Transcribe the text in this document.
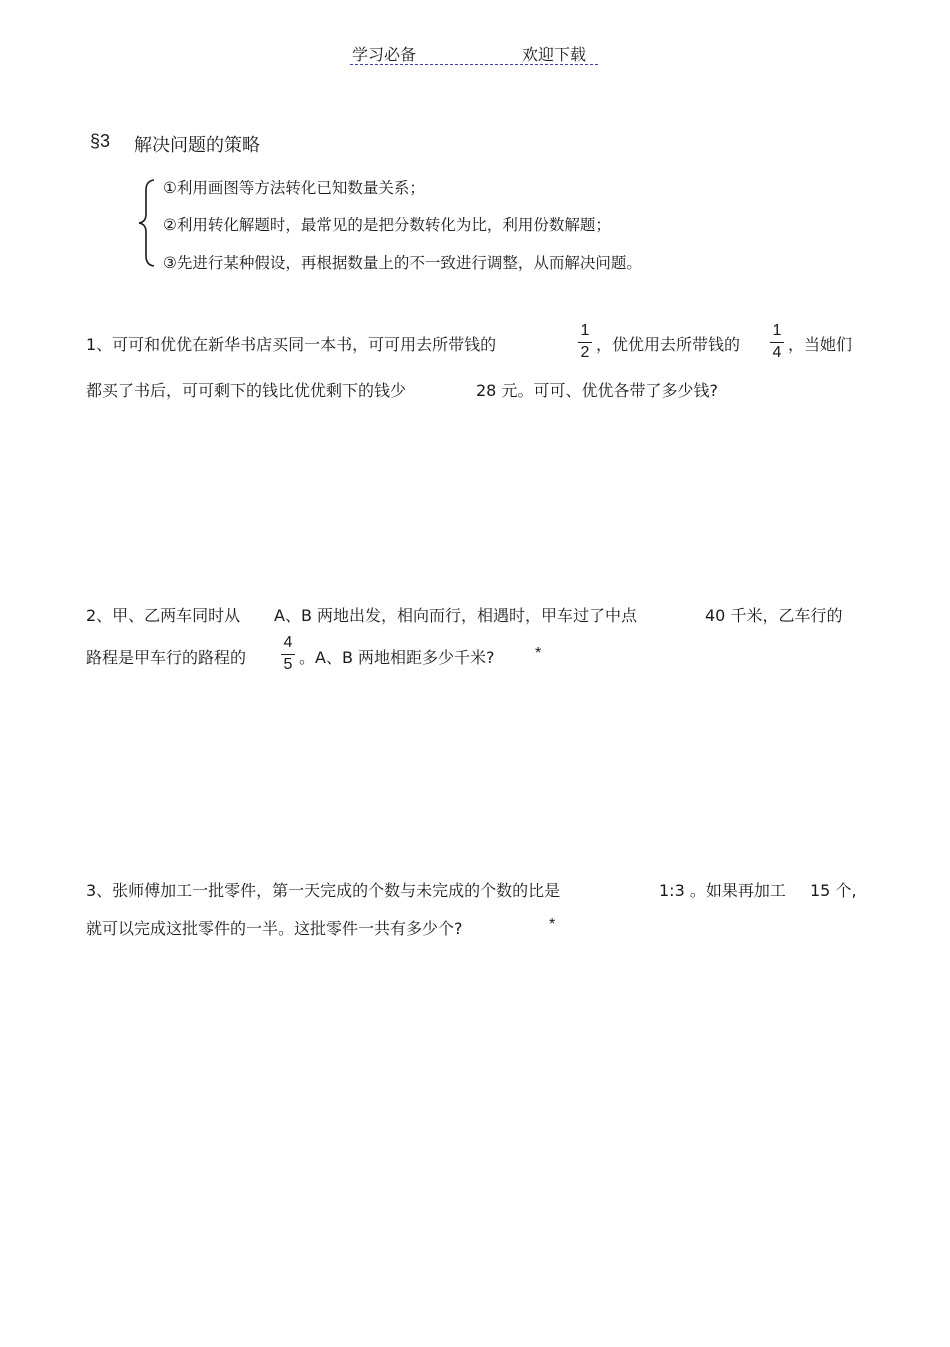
学习必备	欢迎下载
§3 解决问题的策略
①利用画图等方法转化已知数量关系；
②利用转化解题时，最常见的是把分数转化为比，利用份数解题；
③先进行某种假设，再根据数量上的不一致进行调整，从而解决问题。
1、可可和优优在新华书店买同一本书，可可用去所带钱的
1
2 ，优优用去所带钱的
1
4 ，当她们
都买了书后，可可剩下的钱比优优剩下的钱少	28 元。可可、优优各带了多少钱?
2、甲、乙两车同时从 A、B 两地出发，相向而行，相遇时，甲车过了中点	40 千米，乙车行的
路程是甲车行的路程的
4
5 。A、B 两地相距多少千米?	*
3、张师傅加工一批零件，第一天完成的个数与未完成的个数的比是	1:3 。如果再加工 15 个,
就可以完成这批零件的一半。这批零件一共有多少个?	*
